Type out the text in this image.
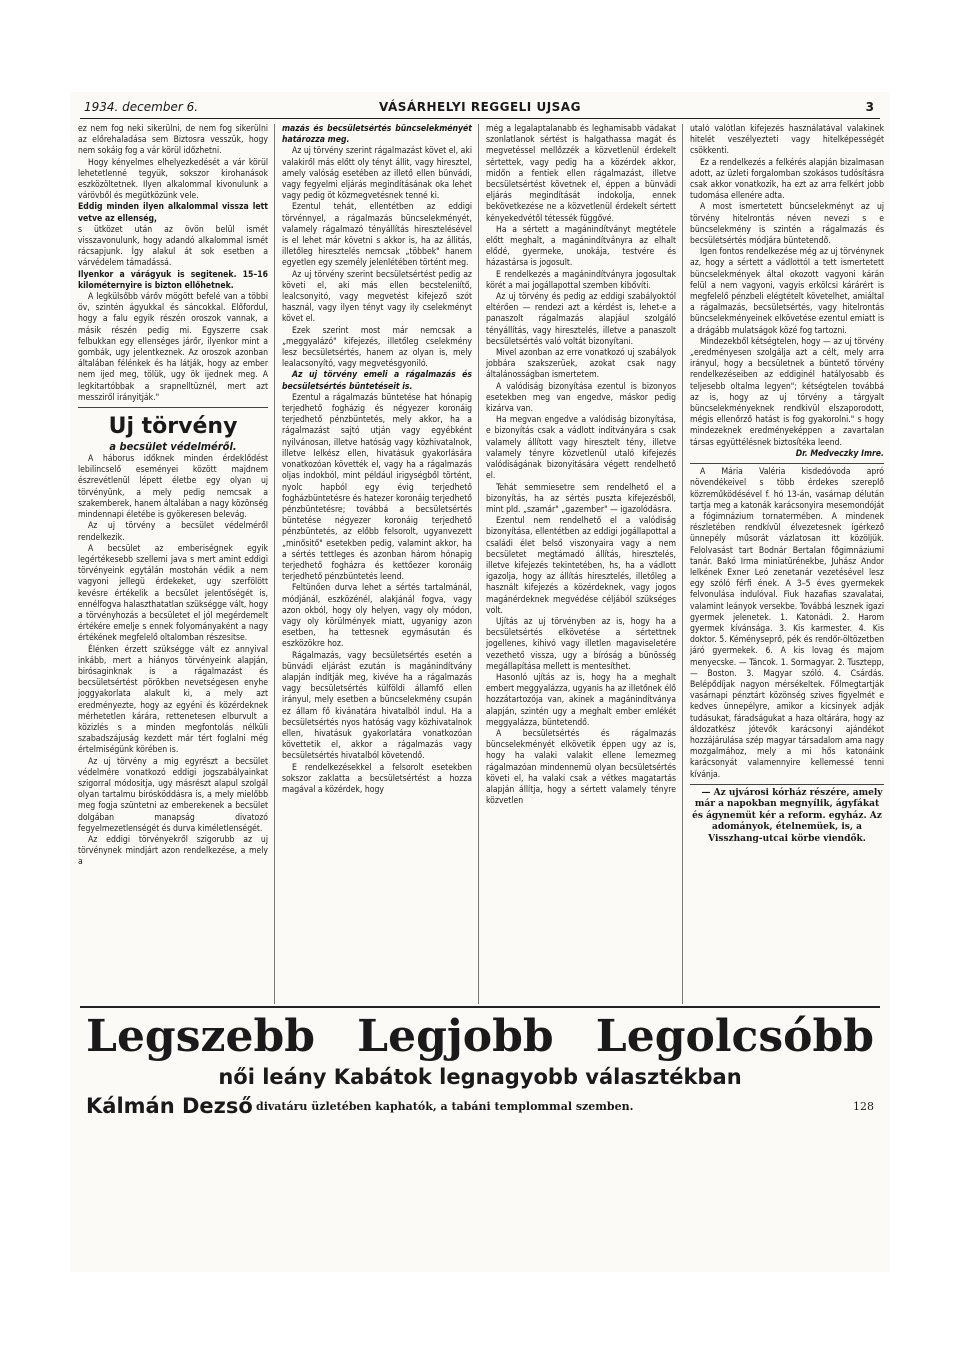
1934. december 6.	VÁSÁRHELYI REGGELI UJSAG	3

ez nem fog neki sikerülni, de nem fog sikerülni az előrehaladása sem Biztosra vesszük, hogy nem sokáig fog a vár körül időzhetni.

Hogy kényelmes elhelyezkedését a vár körül lehetetlenné tegyük, sokszor kirohanások eszközöltetnek. Ilyen alkalommal kivonulunk a várövből és megütközünk vele.

Eddig minden ilyen alkalommal vissza lett vetve az ellenség,

s ütközet után az övön belül ismét visszavonulunk, hogy adandó alkalommal ismét rácsapjunk. Így alakul át sok esetben a várvédelem támadássá.

Ilyenkor a várágyuk is segitenek. 15–16 kilométernyire is bizton ellőhetnek.

A legkülsőbb várőv mögött befelé van a többi öv, szintén ágyukkal és sáncokkal. Előfordul, hogy a falu egyik részén oroszok vannak, a másik részén pedig mi. Egyszerre csak felbukkan egy ellenséges járőr, ilyenkor mint a gombák, ugy jelentkeznek. Az oroszok azonban általában félénkek és ha látják, hogy az ember nem ijed meg, tölük, ugy ök ijednek meg. A legkitartóbbak a srapnelltüznél, mert azt messziről irányitják."

Uj törvény

a becsület védelméről.

A háborus időknek minden érdeklődést lebilincselő eseményei között majdnem észrevétlenül lépett életbe egy olyan uj törvényünk, a mely pedig nemcsak a szakemberek, hanem általában a nagy közönség mindennapi életébe is gyökeresen belevág.

Az uj törvény a becsület védelméről rendelkezik.

A becsület az emberiségnek egyik legértékesebb szellemi java s mert amint eddigi törvényeink egytálán mostohán védik a nem vagyoni jellegü érdekeket, ugy szerfölött kevésre értékelik a becsület jelentőségét is, ennélfogva halaszthatatlan szükségge vált, hogy a törvényhozás a becsületet el jól megérdemelt értékére emelje s ennek folyományaként a nagy értékének megfelelő oltalomban részesitse.

Élénken érzett szükségge vált ez annyival inkább, mert a hiányos törvényeink alapján, birósaginknak is a rágalmazást és becsületsértést pörökben nevetségesen enyhe joggyakorlata alakult ki, a mely azt eredményezte, hogy az egyéni és közérdeknek mérhetetlen kárára, rettenetesen elburvult a közizlés s a minden megfontolás nélküli szabadszájuság kezdett már tért foglalni még értelmiségünk körében is.

Az uj törvény a mig egyrészt a becsület védelmére vonatkozó eddigi jogszabályainkat szigorral módositja, ugy másrészt alapul szolgál olyan tartalmu birósköddásra is, a mely mielőbb meg fogja szüntetni az emberekenek a becsület dolgában manapság divatozó fegyelmezetlenségét és durva kiméletlenségét.

Az eddigi törvényekről szigorubb az uj törvénynek mindjárt azon rendelkezése, a mely a

mazás és becsületsértés büncselekményét határozza meg.

Az uj törvény szerint rágalmazást követ el, aki valakiről más előtt oly tényt állit, vagy hiresztel, amely valóság esetében az illető ellen bünvádi, vagy fegyelmi eljárás megindításának oka lehet vagy pedig öt közmegvetésnek tenné ki.

Ezentul tehát, ellentétben az eddigi törvénnyel, a rágalmazás büncselekményét, valamely rágalmazó tényállítás hiresztelésével is el lehet már követni s akkor is, ha az állitás, illetőleg hiresztelés nemcsak „többek" hanem egyetlen egy személy jelenlétében történt meg.

Az uj törvény szerint becsületsértést pedig az követi el, aki más ellen becsteleniítő, lealcsonyitó, vagy megvetést kifejező szót használ, vagy ilyen tényt vagy ily cselekményt követ el.

Ezek szerint most már nemcsak a „meggyalázó" kifejezés, illetőleg cselekmény lesz becsületsértés, hanem az olyan is, mely lealacsonyító, vagy megvetésgyoniló.

Az uj törvény emeli a rágalmazás és becsületsértés büntetéseit is.

Ezentul a rágalmazás büntetése hat hónapig terjedhető fogházig és négyezer koronáig terjedhető pénzbüntetés, mely akkor, ha a rágalmazást sajtó utján vagy egyébként nyilvánosan, illetve hatóság vagy közhivatalnok, illetve lelkész ellen, hivatásuk gyakorlására vonatkozóan követték el, vagy ha a rágalmazás oljas indokból, mint például irigységből történt, nyolc hapból egy évig terjedhető fogházbüntetésre és hatezer koronáig terjedhető pénzbüntetésre; továbbá a becsületsértés büntetése négyezer koronáig terjedhető pénzbüntetés, az előbb felsorolt, ugyanvezett „minősitő" esetekben pedig, valamint akkor, ha a sértés tettleges és azonban három hónapig terjedhető fogházra és kettőezer koronáig terjedhető pénzbüntetés leend.

Feltünően durva lehet a sértés tartalmánál, módjánál, eszközénél, alakjánál fogva, vagy azon okból, hogy oly helyen, vagy oly módon, vagy oly körülmények miatt, ugyanigy azon esetben, ha tettesnek egymásután és eszközökre hoz.

Rágalmazás, vagy becsületsértés esetén a bünvádi eljárást ezután is magánindítvány alapján indítják meg, kivéve ha a rágalmazás vagy becsületsértés külföldi államfő ellen irányul, mely esetben a büncselekmény csupán ez állam fő kivánatára hivatalból indul. Ha a becsületsértés nyos hatóság vagy közhivatalnok ellen, hivatásuk gyakorlatára vonatkozóan követtetik el, akkor a rágalmazás vagy becsületsértés hivatalból követendő.

E rendelkezésekkel a felsorolt esetekben sokszor zaklatta a becsületsértést a hozza magával a közérdek, hogy

még a legalaptalanabb és leghamisabb vádakat szonlatlanok sértést is halgathassa magát és megvetéssel mellőzzék a közvetlenül érdekelt sértettek, vagy pedig ha a közérdek akkor, midőn a fentiek ellen rágalmazást, illetve becsületsértést követnek el, éppen a bünvádi eljárás megindítását indokolja, ennek bekövetkezése ne a közvetlenül érdekelt sértett kényekedvétől tétessék függővé.

Ha a sértett a magánindítványt megtétele előtt meghalt, a magánindítványra az elhalt elődé, gyermeke, unokája, testvére és házastársa is jogosult.

E rendelkezés a magánindítványra jogosultak körét a mai jogállapottal szemben kibővíti.

Az uj törvény és pedig az eddigi szabályoktól eltérően — rendezi azt a kérdést is, lehet-e a panaszolt rágalmazás alapjául szolgáló tényállítás, vagy hiresztelés, illetve a panaszolt becsületsértés való voltát bizonyítani.

Mivel azonban az erre vonatkozó uj szabályok jobbára szakszerüek, azokat csak nagy általánosságban ismertetem.

A valódiság bizonyítása ezentul is bizonyos esetekben meg van engedve, máskor pedig kizárva van.

Ha megvan engedve a valódiság bizonyítása, e bizonyítás csak a vádlott inditványára s csak valamely állított vagy hiresztelt tény, illetve valamely tényre közvetlenül utaló kifejezés valódiságának bizonyitására végett rendelhető el.

Tehát semmiesetre sem rendelhető el a bizonyítás, ha az sértés puszta kifejezésből, mint pld. „szamár" „gazember" — igazolódásra.

Ezentul nem rendelhető el a valódiság bizonyítása, ellentétben az eddigi jogállapottal a családi élet belső viszonyaira vagy a nem becsületet megtámadó állítás, hiresztelés, illetve kifejezés tekintetében, hs, ha a vádlott igazolja, hogy az állítás hiresztelés, illetőleg a használt kifejezés a közérdeknek, vagy jogos magánérdeknek megvédése céljából szükséges volt.

Ujítás az uj törvényben az is, hogy ha a becsületsértés elkövetése a sértettnek jogellenes, kihivó vagy illetlen magaviseletére vezethető vissza, ugy a bíróság a bünösség megállapítása mellett is mentesíthet.

Hasonló ujítás az is, hogy ha a meghalt embert meggyalázza, ugyanis ha az illetőnek élő hozzátartozója van, akinek a magánindítványa alapján, szintén ugy a meghalt ember emlékét meggyalázza, büntetendő.

A becsületsértés és rágalmazás büncselekményét elkövetik éppen ugy az is, hogy ha valaki valakit ellene lemezmeg rágalmazóan mindennemü olyan becsületsértés követi el, ha valaki csak a vétkes magatartás alapján állítja, hogy a sértett valamely tényre közvetlen

utaló valótlan kifejezés használatával valakinek hitelét veszélyezteti vagy hitelképességét csökkenti.

Ez a rendelkezés a felkérés alapján bizalmasan adott, az üzleti forgalomban szokásos tudósításra csak akkor vonatkozik, ha ezt az arra felkért jobb tudomása ellenére adta.

A most ismertetett büncselekményt az uj törvény hitelrontás néven nevezi s e büncselekmény is szintén a rágalmazás és becsületsértés módjára büntetendő.

Igen fontos rendelkezése még az uj törvénynek az, hogy a sértett a vádlottól a tett ismertetett büncselekmények által okozott vagyoni kárán felül a nem vagyoni, vagyis erkölcsi kárárért is megfelelő pénzbeli elégtételt követelhet, amiáltal a rágalmazás, becsületsértés, vagy hitelrontás büncselekményeinek elkövetése ezentul emiatt is a drágább mulatságok közé fog tartozni.

Mindezekből kétségtelen, hogy — az uj törvény „eredményesen szolgálja azt a célt, mely arra irányul, hogy a becsületnek a büntető törvény rendelkezéseiben az eddiginél hatályosabb és teljesebb oltalma legyen"; kétségtelen továbbá az is, hogy az uj törvény a tárgyalt büncselekményeknek rendkivül elszaporodott, mégis ellenőrző hatást is fog gyakorolni." s hogy mindezeknek eredményeképpen a zavartalan társas együttélésnek biztosítéka leend.

Dr. Medveczky Imre.

A Mária Valéria kisdedóvoda apró növendékeivel s több érdekes szereplő közreműködésével f. hó 13-án, vasárnap délután tartja meg a katonák karácsonyira mesemondóját a fógimnázium tornatermében. A mindenek részletében rendkívül élvezetesnek ígérkező ünnepély műsorát vázlatosan itt közöljük. Felolvasást tart Bodnár Bertalan főgimnáziumi tanár. Bakó Irma miniatürénekbe, Juhász Andor lelkének Exner Leó zenetanár vezetésével lesz egy szóló férfi ének. A 3–5 éves gyermekek felvonulása indulóval. Fiuk hazafias szavalatai, valamint leányok versekbe. Továbbá lesznek igazi gyermek jelenetek. 1. Katonádi. 2. Harom gyermek kívánsága. 3. Kis karmester. 4. Kis doktor. 5. Kéményseprő, pék és rendőr-öltözetben járó gyermekek. 6. A kis lovag és majom menyecske. — Táncok. 1. Sormagyar. 2. Tusztepp, — Boston. 3. Magyar szóló. 4. Csárdás. Belépődíjak nagyon mérsékeltek. Főlmegtartják vasárnapi pénztárt közönség szives figyelmét e kedves ünnepélyre, amikor a kicsinyek adják tudásukat, fáradságukat a haza oltárára, hogy az áldozatkész jótevők karácsonyi ajándékot hozzájárulása szép magyar társadalom ama nagy mozgalmához, mely a mi hős katonáink karácsonyát valamennyire kellemessé tenni kívánja.

— Az ujvárosi kórház részére, amely már a napokban megnyílik, ágyfákat és ágynemüt kér a reform. egyház. Az adományok, ételnemüek, is, a Visszhang-utcai körbe viendők.

Legszebb Legjobb Legolcsóbb
női leány Kabátok legnagyobb választékban
Kálmán Dezső divatáru üzletében kaphatók, a tabáni templommal szemben.	128
